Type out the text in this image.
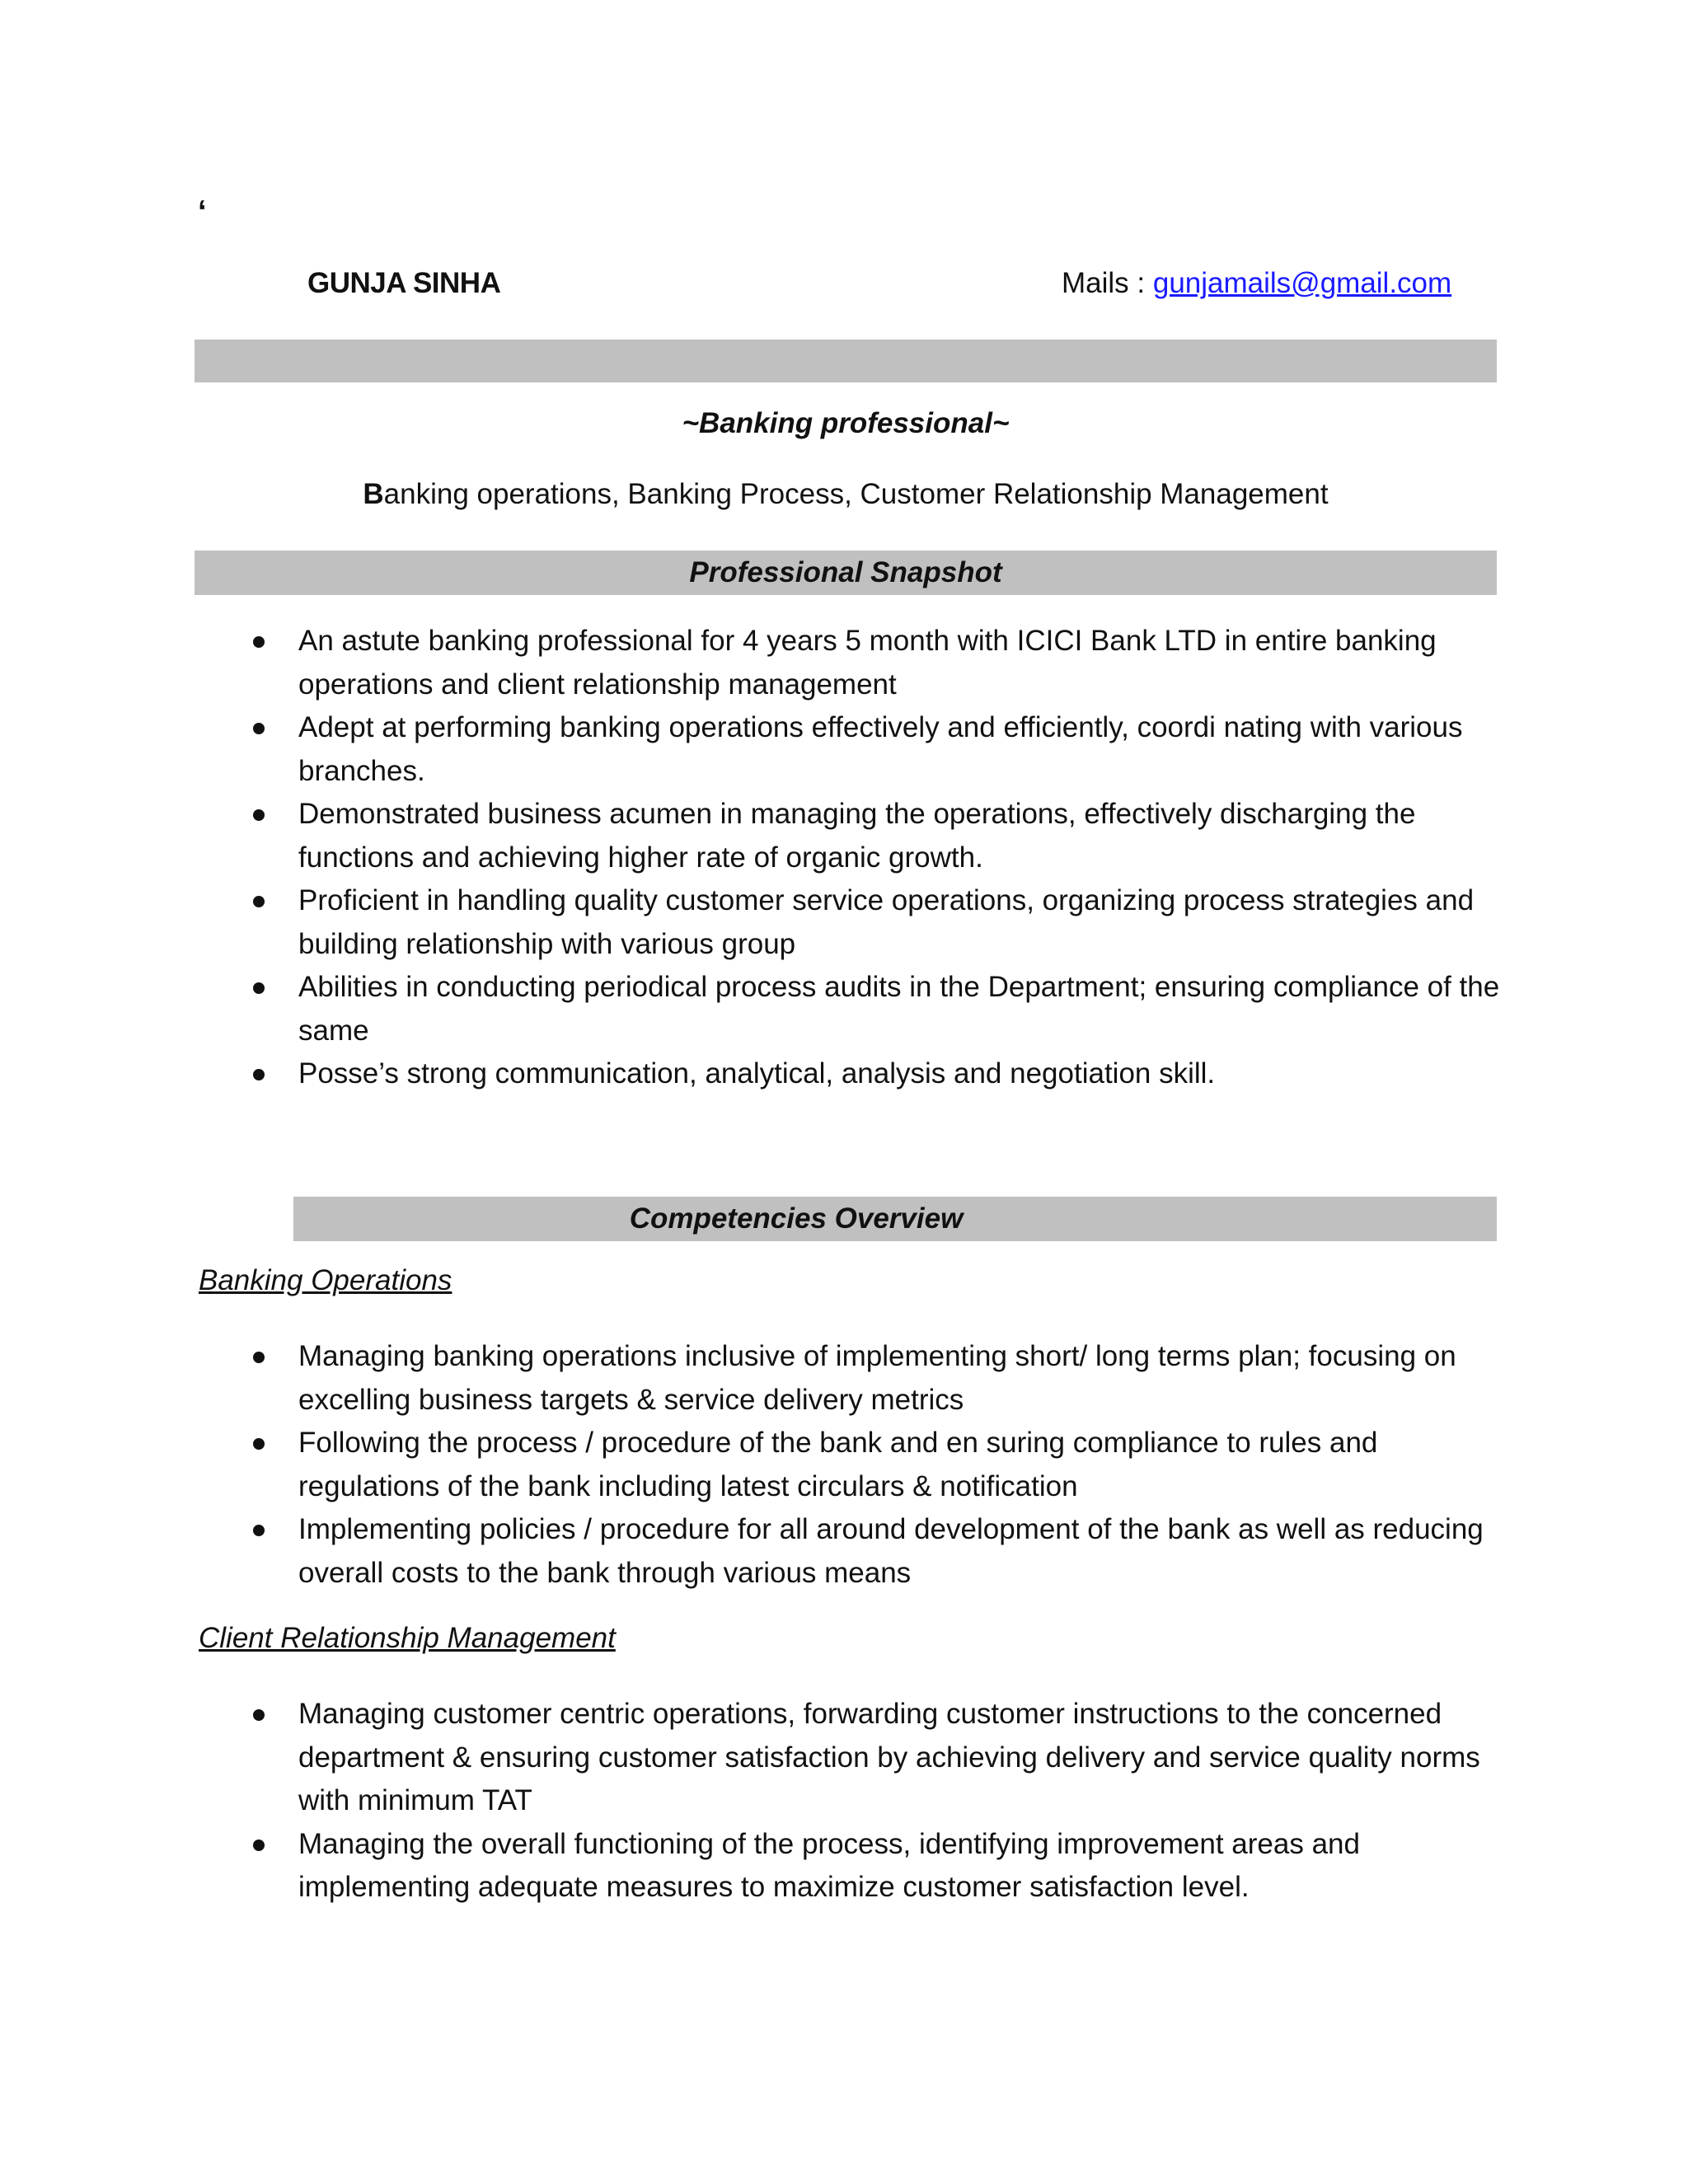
‘
GUNJA SINHA	Mails : gunjamails@gmail.com
~Banking professional~
Banking operations, Banking Process, Customer Relationship Management
Professional Snapshot
An astute banking professional for 4 years 5 month with ICICI Bank LTD in entire banking operations and client relationship management
Adept at performing banking operations effectively and efficiently, coordi nating with various branches.
Demonstrated business acumen in managing the operations, effectively discharging the functions and achieving higher rate of organic growth.
Proficient in handling quality customer service operations, organizing process strategies and building relationship with various group
Abilities in conducting periodical process audits in the Department; ensuring compliance of the same
Posse’s strong communication, analytical, analysis and negotiation skill.
Competencies Overview
Banking Operations
Managing banking operations inclusive of implementing short/ long terms plan; focusing on excelling business targets & service delivery metrics
Following the process / procedure of the bank and en suring compliance to rules and regulations of the bank including latest circulars & notification
Implementing policies / procedure for all around development of the bank as well as reducing overall costs to the bank through various means
Client Relationship Management
Managing customer centric operations, forwarding customer instructions to the concerned department & ensuring customer satisfaction by achieving delivery and service quality norms with minimum TAT
Managing the overall functioning of the process, identifying improvement areas and implementing adequate measures to maximize customer satisfaction level.
